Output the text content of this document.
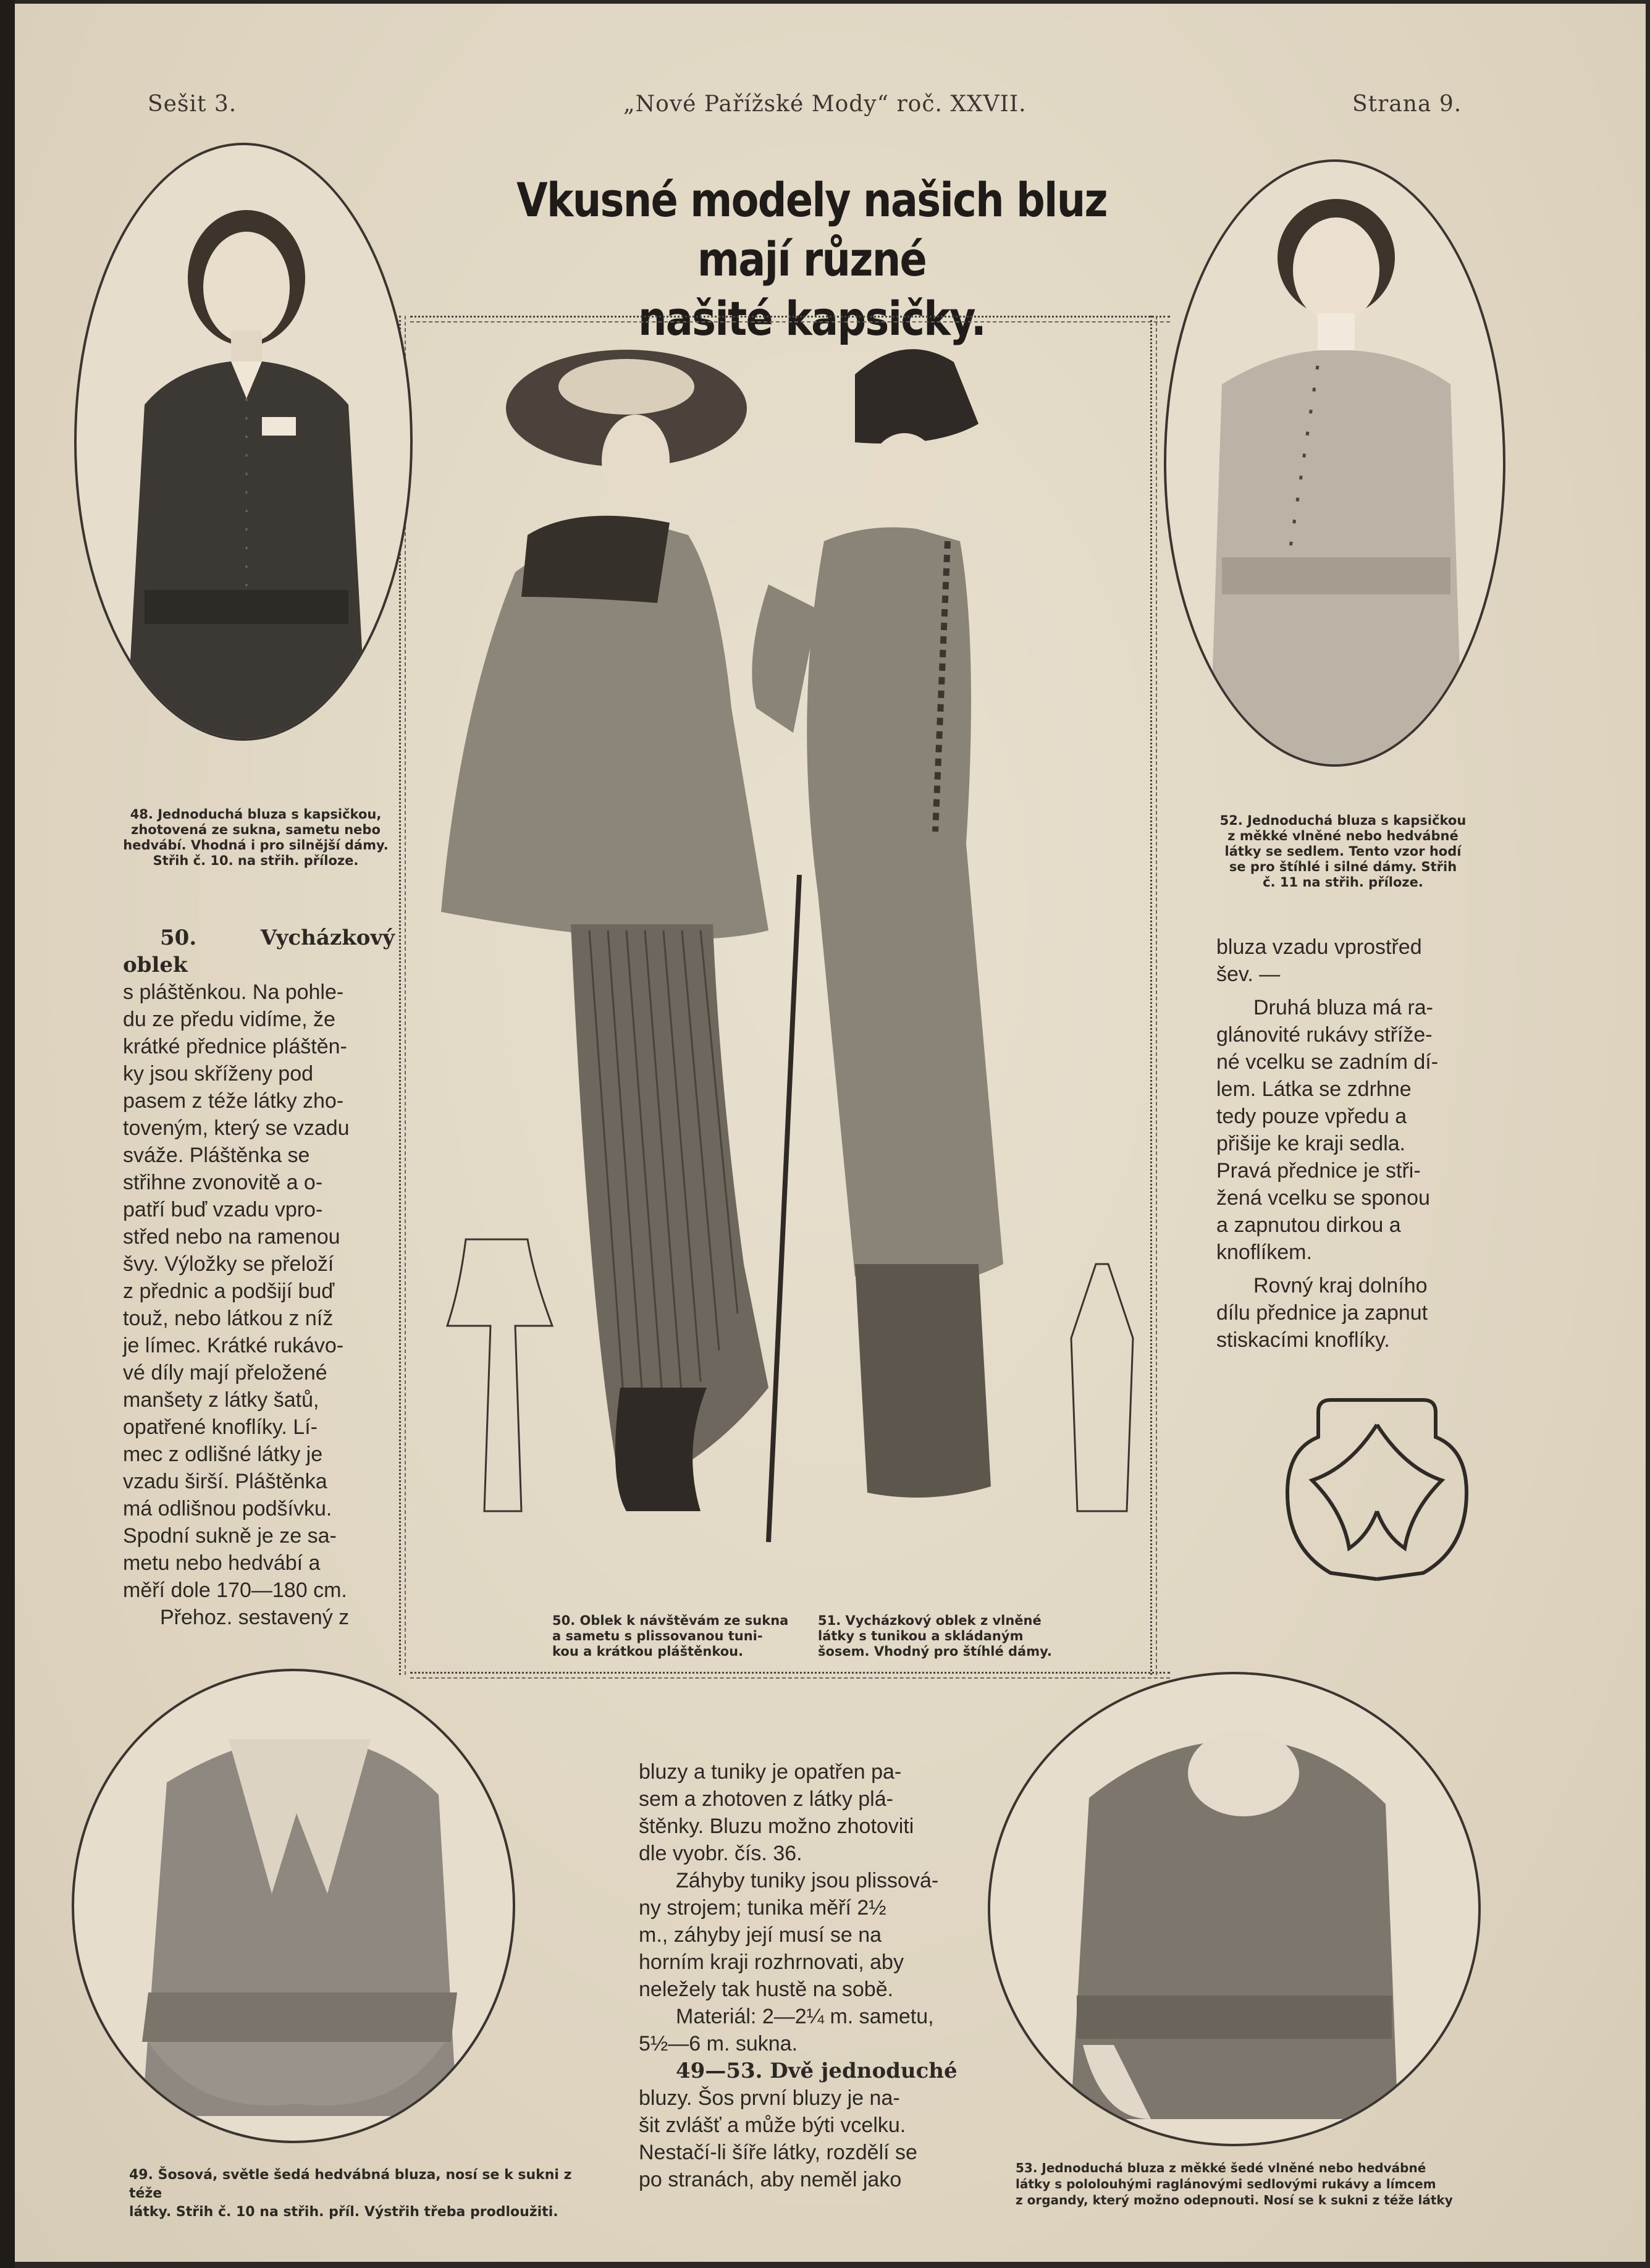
Sešit 3.	„Nové Pařížské Mody“ roč. XXVII.	Strana 9.
Vkusné modely našich bluz mají různé
našité kapsičky.
48. Jednoduchá bluza s kapsičkou,
zhotovená ze sukna, sametu nebo
hedvábí. Vhodná i pro silnější dámy.
Střih č. 10. na střih. příloze.
52. Jednoduchá bluza s kapsičkou
z měkké vlněné nebo hedvábné
látky se sedlem. Tento vzor hodí
se pro štíhlé i silné dámy. Střih
č. 11 na střih. příloze.
50. Oblek k návštěvám ze sukna
a sametu s plissovanou tuni-
kou a krátkou pláštěnkou.
51. Vycházkový oblek z vlněné
látky s tunikou a skládaným
šosem. Vhodný pro štíhlé dámy.

50. Vycházkový oblek

s pláštěnkou. Na pohle-

du ze předu vidíme, že

krátké přednice pláštěn-

ky jsou skříženy pod

pasem z téže látky zho-

toveným, který se vzadu

sváže. Pláštěnka se

střihne zvonovitě a o-

patří buď vzadu vpro-

střed nebo na ramenou

švy. Výložky se přeloží

z přednic a podšijí buď

touž, nebo látkou z níž

je límec. Krátké rukávo-

vé díly mají přeložené

manšety z látky šatů,

opatřené knoflíky. Lí-

mec z odlišné látky je

vzadu širší. Pláštěnka

má odlišnou podšívku.

Spodní sukně je ze sa-

metu nebo hedvábí a

měří dole 170—180 cm.

Přehoz. sestavený z

bluza vzadu vprostřed

šev. —

Druhá bluza má ra-

glánovité rukávy stříže-

né vcelku se zadním dí-

lem. Látka se zdrhne

tedy pouze vpředu a

přišije ke kraji sedla.

Pravá přednice je stři-

žená vcelku se sponou

a zapnutou dirkou a

knoflíkem.

Rovný kraj dolního

dílu přednice ja zapnut

stiskacími knoflíky.

49. Šosová, světle šedá hedvábná bluza, nosí se k sukni z téže
látky. Střih č. 10 na střih. příl. Výstřih třeba prodloužiti.

bluzy a tuniky je opatřen pa-

sem a zhotoven z látky plá-

štěnky. Bluzu možno zhotoviti

dle vyobr. čís. 36.

Záhyby tuniky jsou plissová-

ny strojem; tunika měří 2½

m., záhyby její musí se na

horním kraji rozhrnovati, aby

neležely tak hustě na sobě.

Materiál: 2—2¼ m. sametu,

5½—6 m. sukna.

49—53. Dvě jednoduché

bluzy. Šos první bluzy je na-

šit zvlášť a může býti vcelku.

Nestačí-li šíře látky, rozdělí se

po stranách, aby neměl jako	53. Jednoduchá bluza z měkké šedé vlněné nebo hedvábné
látky s pololouhými raglánovými sedlovými rukávy a límcem
z organdy, který možno odepnouti. Nosí se k sukni z téže látky
